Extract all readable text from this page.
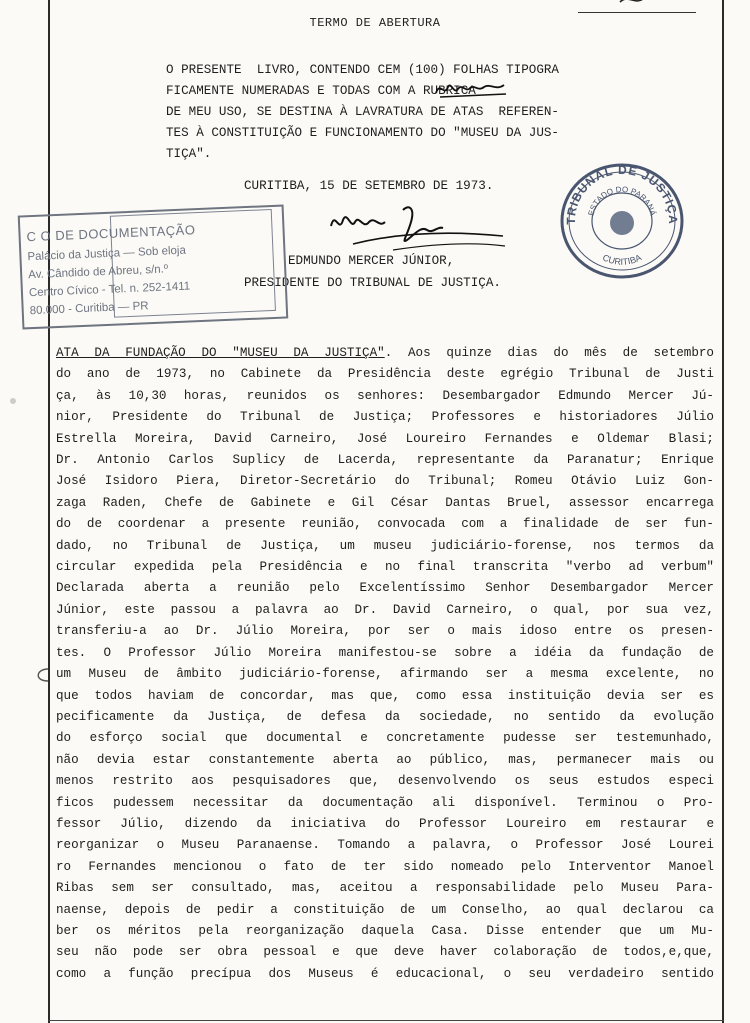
TERMO DE ABERTURA
O PRESENTE  LIVRO, CONTENDO CEM (100) FOLHAS TIPOGRA
FICAMENTE NUMERADAS E TODAS COM A RUBRICA
DE MEU USO, SE DESTINA À LAVRATURA DE ATAS  REFEREN-
TES À CONSTITUIÇÃO E FUNCIONAMENTO DO "MUSEU DA JUS-
TIÇA".
CURITIBA, 15 DE SETEMBRO DE 1973.
EDMUNDO MERCER JÚNIOR,
PRESIDENTE DO TRIBUNAL DE JUSTIÇA.
C O DE DOCUMENTAÇÃO
Palácio da Justiça — Sob eloja
Av. Cândido de Abreu, s/n.º
Centro Cívico - Tel. n. 252-1411
80.000 - Curitiba — PR
TRIBUNAL DE JUSTIÇA
ESTADO DO PARANÁ
CURITIBA
ATA DA FUNDAÇÃO DO "MUSEU DA JUSTIÇA". Aos quinze dias do mês de setembro
do ano de 1973, no Cabinete da Presidência deste egrégio Tribunal de Justi
ça, às 10,30 horas, reunidos os senhores: Desembargador Edmundo Mercer Jú-
nior, Presidente do Tribunal de Justiça; Professores e historiadores Júlio
Estrella Moreira, David Carneiro, José Loureiro Fernandes e Oldemar Blasi;
Dr. Antonio Carlos Suplicy de Lacerda, representante da Paranatur; Enrique
José Isidoro Piera, Diretor-Secretário do Tribunal; Romeu Otávio Luiz Gon-
zaga Raden, Chefe de Gabinete e Gil César Dantas Bruel, assessor encarrega
do de coordenar a presente reunião, convocada com a finalidade de ser fun-
dado, no Tribunal de Justiça, um museu judiciário-forense, nos termos da
circular expedida pela Presidência e no final transcrita "verbo ad verbum"
Declarada aberta a reunião pelo Excelentíssimo Senhor Desembargador Mercer
Júnior, este passou a palavra ao Dr. David Carneiro, o qual, por sua vez,
transferiu-a ao Dr. Júlio Moreira, por ser o mais idoso entre os presen-
tes. O Professor Júlio Moreira manifestou-se sobre a idéia da fundação de
um Museu de âmbito judiciário-forense, afirmando ser a mesma excelente, no
que todos haviam de concordar, mas que, como essa instituição devia ser es
pecificamente da Justiça, de defesa da sociedade, no sentido da evolução
do esforço social que documental e concretamente pudesse ser testemunhado,
não devia estar constantemente aberta ao público, mas, permanecer mais ou
menos restrito aos pesquisadores que, desenvolvendo os seus estudos especi
ficos pudessem necessitar da documentação ali disponível. Terminou o Pro-
fessor Júlio, dizendo da iniciativa do Professor Loureiro em restaurar e
reorganizar o Museu Paranaense. Tomando a palavra, o Professor José Lourei
ro Fernandes mencionou o fato de ter sido nomeado pelo Interventor Manoel
Ribas sem ser consultado, mas, aceitou a responsabilidade pelo Museu Para-
naense, depois de pedir a constituição de um Conselho, ao qual declarou ca
ber os méritos pela reorganização daquela Casa. Disse entender que um Mu-
seu não pode ser obra pessoal e que deve haver colaboração de todos,e,que,
como a função precípua dos Museus é educacional, o seu verdadeiro sentido
